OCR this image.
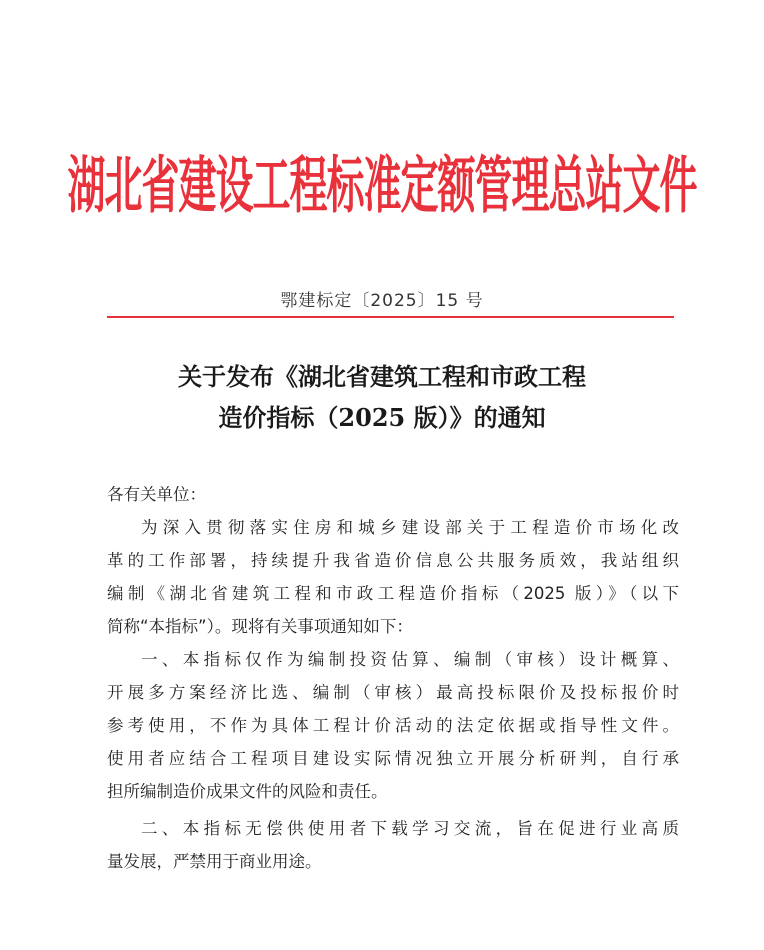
湖北省建设工程标准定额管理总站文件
鄂建标定〔2025〕15 号
关于发布《湖北省建筑工程和市政工程
造价指标（2025 版）》的通知
各有关单位：
为深入贯彻落实住房和城乡建设部关于工程造价市场化改
革的工作部署，持续提升我省造价信息公共服务质效，我站组织
编制《湖北省建筑工程和市政工程造价指标（2025 版）》（以下
简称“本指标”）。现将有关事项通知如下：
一、本指标仅作为编制投资估算、编制（审核）设计概算、
开展多方案经济比选、编制（审核）最高投标限价及投标报价时
参考使用，不作为具体工程计价活动的法定依据或指导性文件。
使用者应结合工程项目建设实际情况独立开展分析研判，自行承
担所编制造价成果文件的风险和责任。
二、本指标无偿供使用者下载学习交流，旨在促进行业高质
量发展，严禁用于商业用途。
